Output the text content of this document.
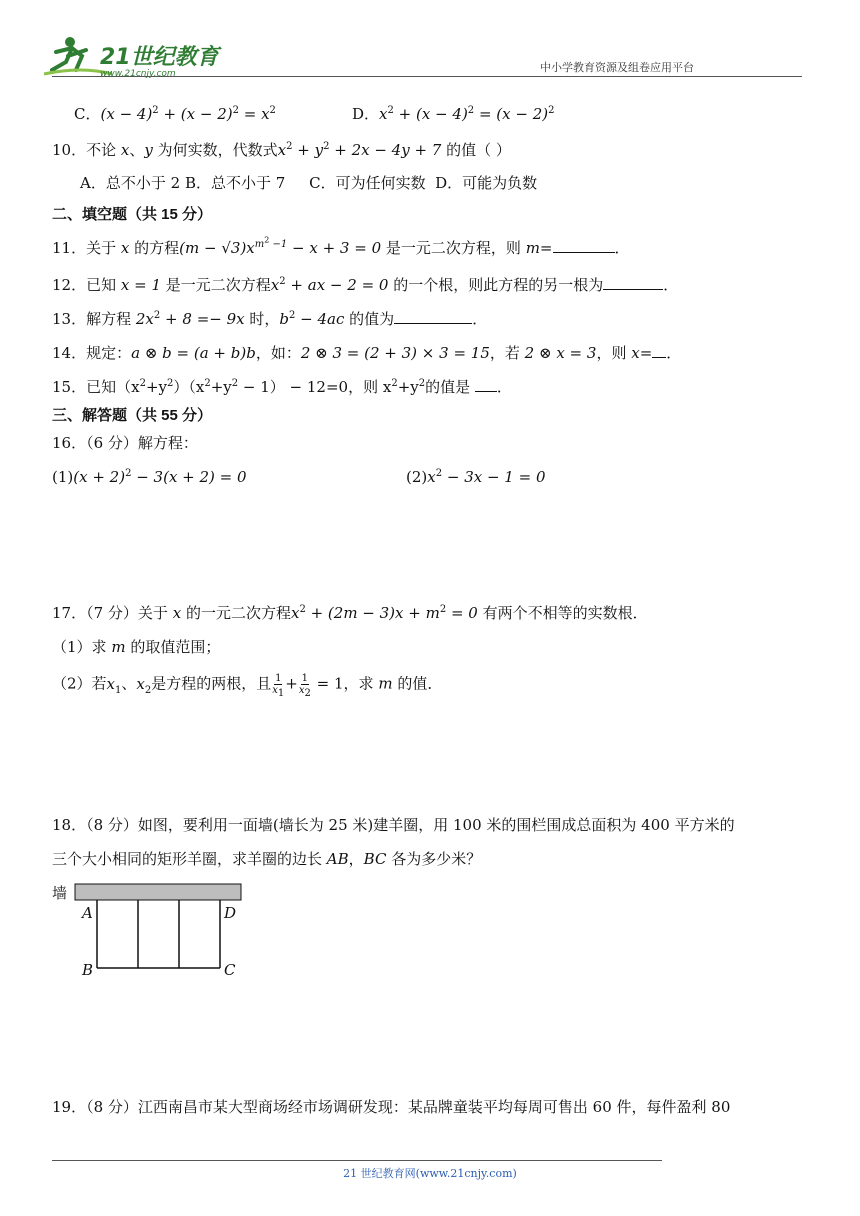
21世纪教育
www.21cnjy.com	中小学教育资源及组卷应用平台
C．$(x - 4)^2 + (x - 2)^2 = x^2$	D．$x^2 + (x - 4)^2 = (x - 2)^2$
10．不论 x、y 为何实数，代数式$x^2 + y^2 + 2x - 4y + 7$ 的值（ ）
A．总不小于 2 B．总不小于 7 C．可为任何实数 D．可能为负数
二、填空题（共 15 分）
11．关于 x 的方程$(m - √3)x^{m^2 -1} - x + 3 = 0$ 是一元二次方程，则 m=	．
12．已知 x = 1 是一元二次方程$x^2$ + ax − 2 = 0 的一个根，则此方程的另一根为	．
13．解方程 $2x^2 + 8 =- 9x$ 时，$b^2 - 4ac$ 的值为	．
14．规定：a ⊗ b = (a + b)b，如：2 ⊗ 3 = (2 + 3) × 3 = 15，若 2 ⊗ x = 3，则 x= ．
15．已知$(x^2+y^2)(x^2+y^2 - 1) - 12=0$，则 $x^2+y^2$的值是 ．
三、解答题（共 55 分）
16．（6 分）解方程：
$(1)(x + 2)^2 - 3(x + 2) = 0$	$(2)x^2 - 3x - 1 = 0$
17．（7 分）关于 x 的一元二次方程$x^2 + (2m - 3)x + m^2 = 0$ 有两个不相等的实数根．
（1）求 m 的取值范围；
（2）若$x_1$、$x_2$是方程的两根，且 $\frac{1}{x_1} + \frac{1}{x_2} = 1$，求 m 的值．
18．（8 分）如图，要利用一面墙(墙长为 25 米)建羊圈，用 100 米的围栏围成总面积为 400 平方米的
三个大小相同的矩形羊圈，求羊圈的边长 AB，BC 各为多少米？
墙
A	D
B	C
19．（8 分）江西南昌市某大型商场经市场调研发现：某品牌童装平均每周可售出 60 件，每件盈利 80
21 世纪教育网(www.21cnjy.com)
